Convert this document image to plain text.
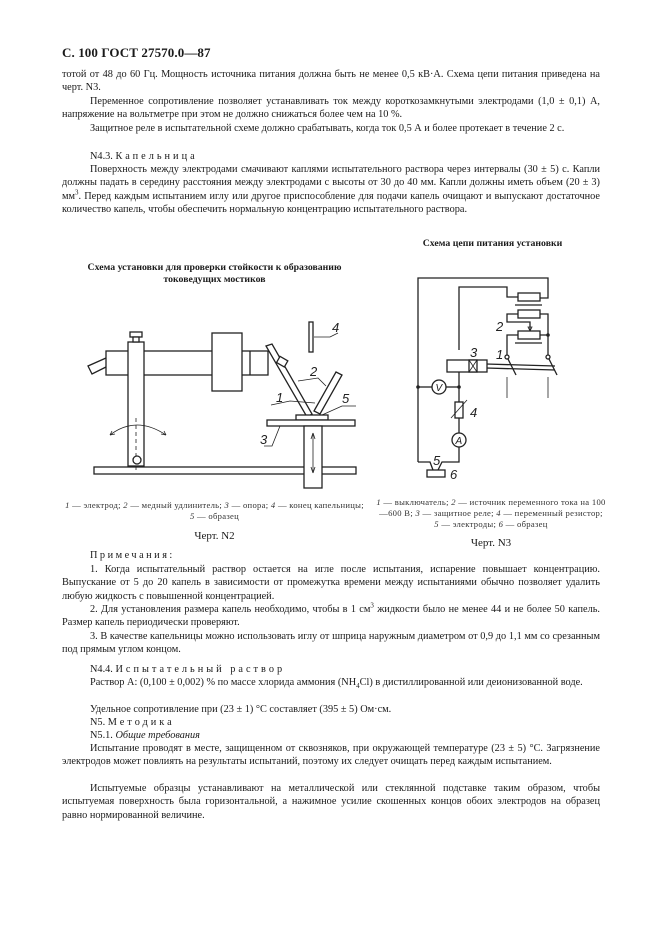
С. 100 ГОСТ 27570.0—87
тотой от 48 до 60 Гц. Мощность источника питания должна быть не менее 0,5 кВ·А. Схема цепи питания приведена на черт. N3.
Переменное сопротивление позволяет устанавливать ток между короткозамкнутыми электродами (1,0 ± 0,1) А, напряжение на вольтметре при этом не должно снижаться более чем на 10 %.
Защитное реле в испытательной схеме должно срабатывать, когда ток 0,5 А и более протекает в течение 2 с.
N4.3. Капельница
Поверхность между электродами смачивают каплями испытательного раствора через интервалы (30 ± 5) с. Капли должны падать в середину расстояния между электродами с высоты от 30 до 40 мм. Капли должны иметь объем (20 ± 3) $мм^3$. Перед каждым испытанием иглу или другое приспособление для подачи капель очищают и выпускают достаточное количество капель, чтобы обеспечить нормальную концентрацию испытательного раствора.
Схема цепи питания установки
Схема установки для проверки стойкости к образованию токоведущих мостиков
4
2
1	5
3
V
A
3
2
1
4
5
6
1 — электрод; 2 — медный удлинитель; 3 — опора; 4 — конец капельницы; 5 — образец
Черт. N2
1 — выключатель; 2 — источник переменного тока на 100—600 В; 3 — защитное реле; 4 — переменный резистор; 5 — электроды; 6 — образец
Черт. N3
Примечания:
1. Когда испытательный раствор остается на игле после испытания, испарение повышает концентрацию. Выпускание от 5 до 20 капель в зависимости от промежутка времени между испытаниями обычно позволяет удалить любую жидкость с повышенной концентрацией.
2. Для установления размера капель необходимо, чтобы в 1 $см^3$ жидкости было не менее 44 и не более 50 капель. Размер капель периодически проверяют.
3. В качестве капельницы можно использовать иглу от шприца наружным диаметром от 0,9 до 1,1 мм со срезанным под прямым углом концом.
N4.4. Испытательный раствор
Раствор А: (0,100 ± 0,002) % по массе хлорида аммония $(NH_4Cl)$ в дистиллированной или деионизованной воде.
Удельное сопротивление при (23 ± 1) °С составляет (395 ± 5) Ом·см.
N5. Методика
N5.1. Общие требования
Испытание проводят в месте, защищенном от сквозняков, при окружающей температуре (23 ± 5) °С. Загрязнение электродов может повлиять на результаты испытаний, поэтому их следует очищать перед каждым испытанием.
Испытуемые образцы устанавливают на металлической или стеклянной подставке таким образом, чтобы испытуемая поверхность была горизонтальной, а нажимное усилие скошенных концов обоих электродов на образец равно нормированной величине.
